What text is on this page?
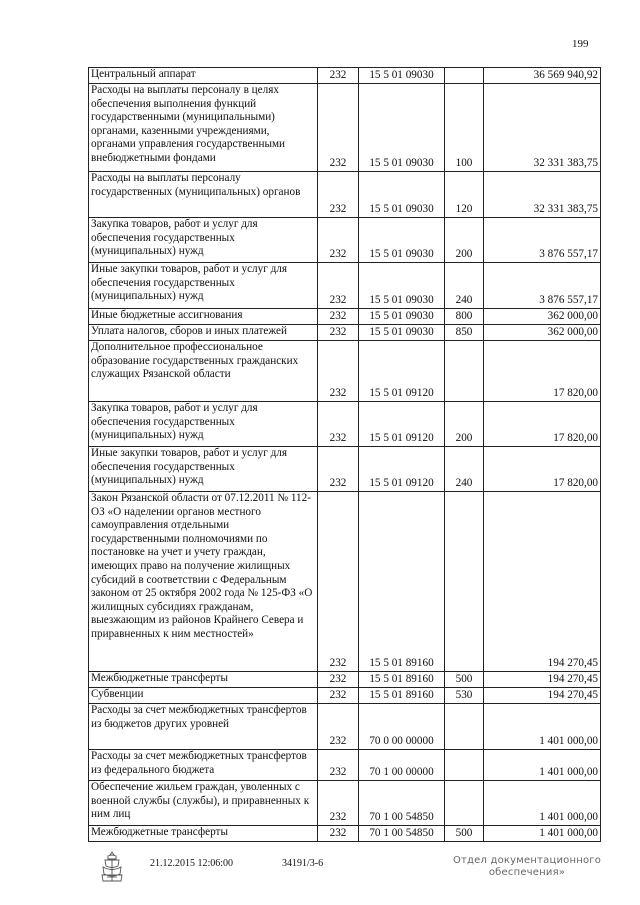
199
Центральный аппарат	232	15 5 01 09030		36 569 940,92
Расходы на выплаты персоналу в целях обеспечения выполнения функций государственными (муниципальными) органами, казенными учреждениями, органами управления государственными внебюджетными фондами	232	15 5 01 09030	100	32 331 383,75
Расходы на выплаты персоналу государственных (муниципальных) органов	232	15 5 01 09030	120	32 331 383,75
Закупка товаров, работ и услуг для обеспечения государственных (муниципальных) нужд	232	15 5 01 09030	200	3 876 557,17
Иные закупки товаров, работ и услуг для обеспечения государственных (муниципальных) нужд	232	15 5 01 09030	240	3 876 557,17
Иные бюджетные ассигнования	232	15 5 01 09030	800	362 000,00
Уплата налогов, сборов и иных платежей	232	15 5 01 09030	850	362 000,00
Дополнительное профессиональное образование государственных гражданских служащих Рязанской области	232	15 5 01 09120		17 820,00
Закупка товаров, работ и услуг для обеспечения государственных (муниципальных) нужд	232	15 5 01 09120	200	17 820,00
Иные закупки товаров, работ и услуг для обеспечения государственных (муниципальных) нужд	232	15 5 01 09120	240	17 820,00
Закон Рязанской области от 07.12.2011 № 112-ОЗ «О наделении органов местного самоуправления отдельными государственными полномочиями по постановке на учет и учету граждан, имеющих право на получение жилищных субсидий в соответствии с Федеральным законом от 25 октября 2002 года № 125-ФЗ «О жилищных субсидиях гражданам, выезжающим из районов Крайнего Севера и приравненных к ним местностей»	232	15 5 01 89160		194 270,45
Межбюджетные трансферты	232	15 5 01 89160	500	194 270,45
Субвенции	232	15 5 01 89160	530	194 270,45
Расходы за счет межбюджетных трансфертов из бюджетов других уровней	232	70 0 00 00000		1 401 000,00
Расходы за счет межбюджетных трансфертов из федерального бюджета	232	70 1 00 00000		1 401 000,00
Обеспечение жильем граждан, уволенных с военной службы (службы), и приравненных к ним лиц	232	70 1 00 54850		1 401 000,00
Межбюджетные трансферты	232	70 1 00 54850	500	1 401 000,00
21.12.2015 12:06:00	34191/3-6	Отдел документационного
обеспечения»
